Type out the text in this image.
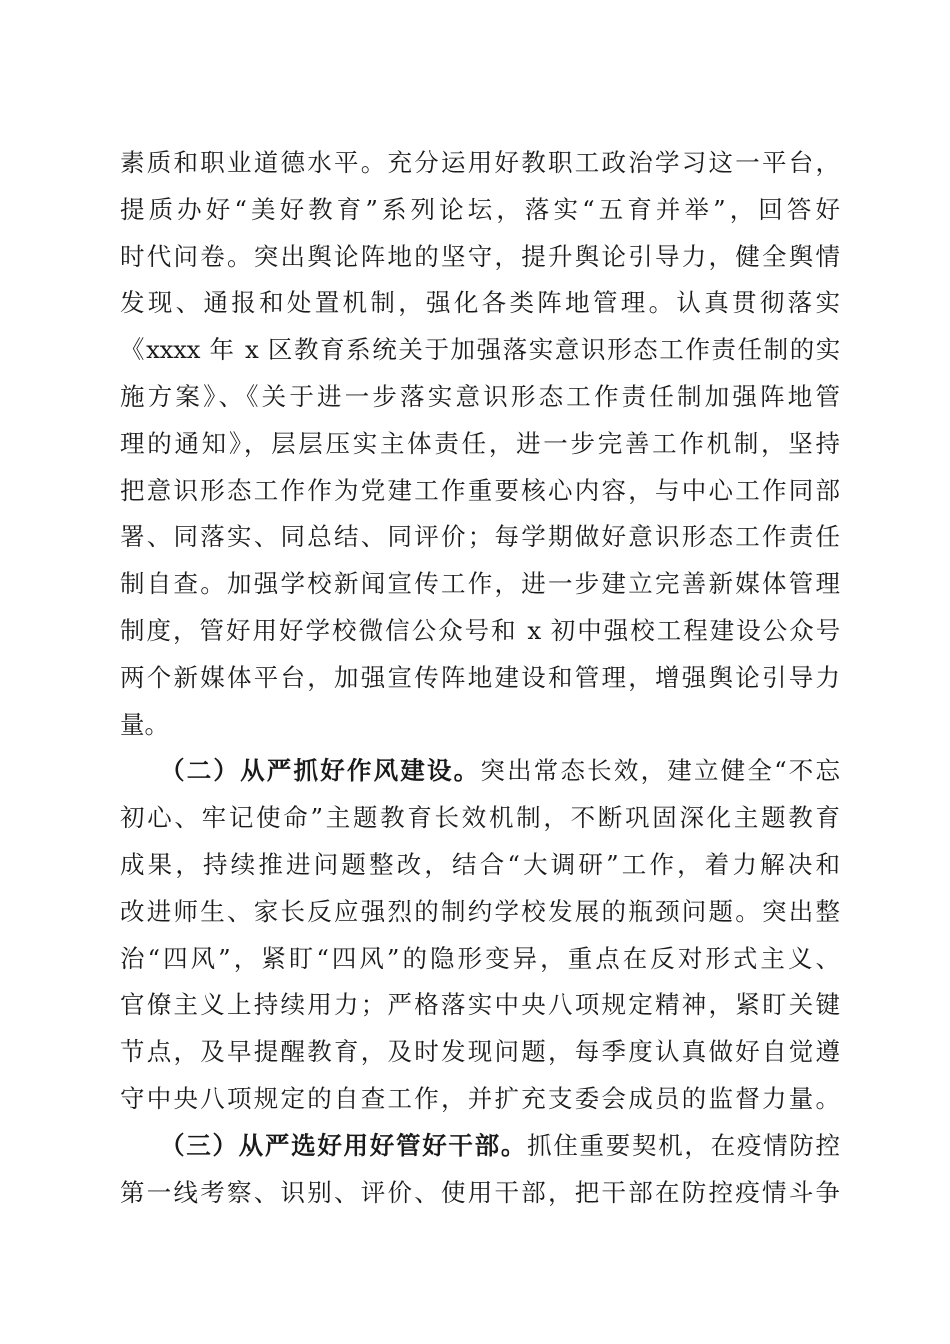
素质和职业道德水平。充分运用好教职工政治学习这一平台，
提质办好“美好教育”系列论坛，落实“五育并举”，回答好
时代问卷。突出舆论阵地的坚守，提升舆论引导力，健全舆情
发现、通报和处置机制，强化各类阵地管理。认真贯彻落实
《xxxx 年 x 区教育系统关于加强落实意识形态工作责任制的实
施方案》、《关于进一步落实意识形态工作责任制加强阵地管
理的通知》，层层压实主体责任，进一步完善工作机制，坚持
把意识形态工作作为党建工作重要核心内容，与中心工作同部
署、同落实、同总结、同评价；每学期做好意识形态工作责任
制自查。加强学校新闻宣传工作，进一步建立完善新媒体管理
制度，管好用好学校微信公众号和 x 初中强校工程建设公众号
两个新媒体平台，加强宣传阵地建设和管理，增强舆论引导力
量。
（二）从严抓好作风建设。突出常态长效，建立健全“不忘
初心、牢记使命”主题教育长效机制，不断巩固深化主题教育
成果，持续推进问题整改，结合“大调研”工作，着力解决和
改进师生、家长反应强烈的制约学校发展的瓶颈问题。突出整
治“四风”，紧盯“四风”的隐形变异，重点在反对形式主义、
官僚主义上持续用力；严格落实中央八项规定精神，紧盯关键
节点，及早提醒教育，及时发现问题，每季度认真做好自觉遵
守中央八项规定的自查工作，并扩充支委会成员的监督力量。
（三）从严选好用好管好干部。抓住重要契机，在疫情防控
第一线考察、识别、评价、使用干部，把干部在防控疫情斗争
